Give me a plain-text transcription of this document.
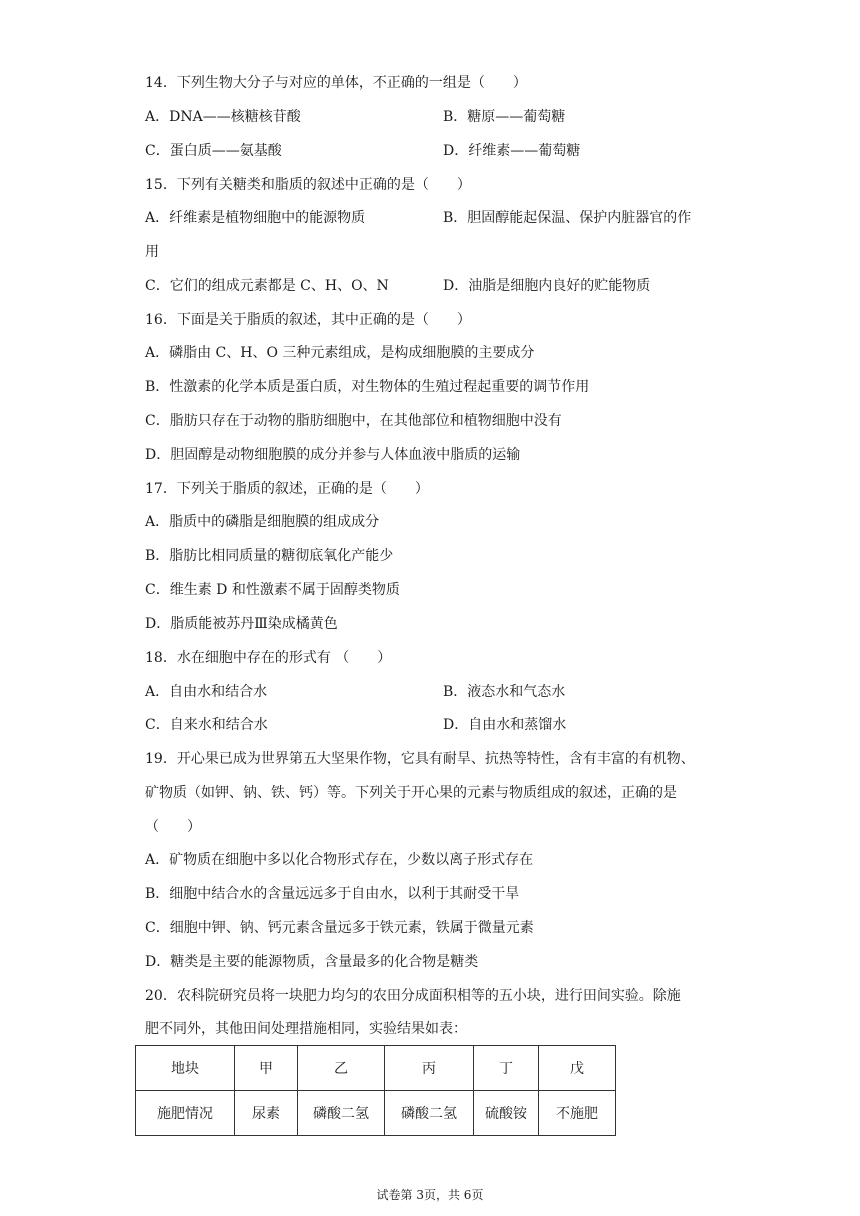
14．下列生物大分子与对应的单体，不正确的一组是（　　）
A．DNA——核糖核苷酸	B．糖原——葡萄糖
C．蛋白质——氨基酸	D．纤维素——葡萄糖
15．下列有关糖类和脂质的叙述中正确的是（　　）
A．纤维素是植物细胞中的能源物质	B．胆固醇能起保温、保护内脏器官的作
用
C．它们的组成元素都是 C、H、O、N	D．油脂是细胞内良好的贮能物质
16．下面是关于脂质的叙述，其中正确的是（　　）
A．磷脂由 C、H、O 三种元素组成，是构成细胞膜的主要成分
B．性激素的化学本质是蛋白质，对生物体的生殖过程起重要的调节作用
C．脂肪只存在于动物的脂肪细胞中，在其他部位和植物细胞中没有
D．胆固醇是动物细胞膜的成分并参与人体血液中脂质的运输
17．下列关于脂质的叙述，正确的是（　　）
A．脂质中的磷脂是细胞膜的组成成分
B．脂肪比相同质量的糖彻底氧化产能少
C．维生素 D 和性激素不属于固醇类物质
D．脂质能被苏丹Ⅲ染成橘黄色
18．水在细胞中存在的形式有 （　　）
A．自由水和结合水	B．液态水和气态水
C．自来水和结合水	D．自由水和蒸馏水
19．开心果已成为世界第五大坚果作物，它具有耐旱、抗热等特性，含有丰富的有机物、
矿物质（如钾、钠、铁、钙）等。下列关于开心果的元素与物质组成的叙述，正确的是
（　　）
A．矿物质在细胞中多以化合物形式存在，少数以离子形式存在
B．细胞中结合水的含量远远多于自由水，以利于其耐受干旱
C．细胞中钾、钠、钙元素含量远多于铁元素，铁属于微量元素
D．糖类是主要的能源物质，含量最多的化合物是糖类
20．农科院研究员将一块肥力均匀的农田分成面积相等的五小块，进行田间实验。除施
肥不同外，其他田间处理措施相同，实验结果如表：
地块	甲	乙	丙	丁	戊
施肥情况	尿素	磷酸二氢	磷酸二氢	硫酸铵	不施肥
试卷第 3页，共 6页
